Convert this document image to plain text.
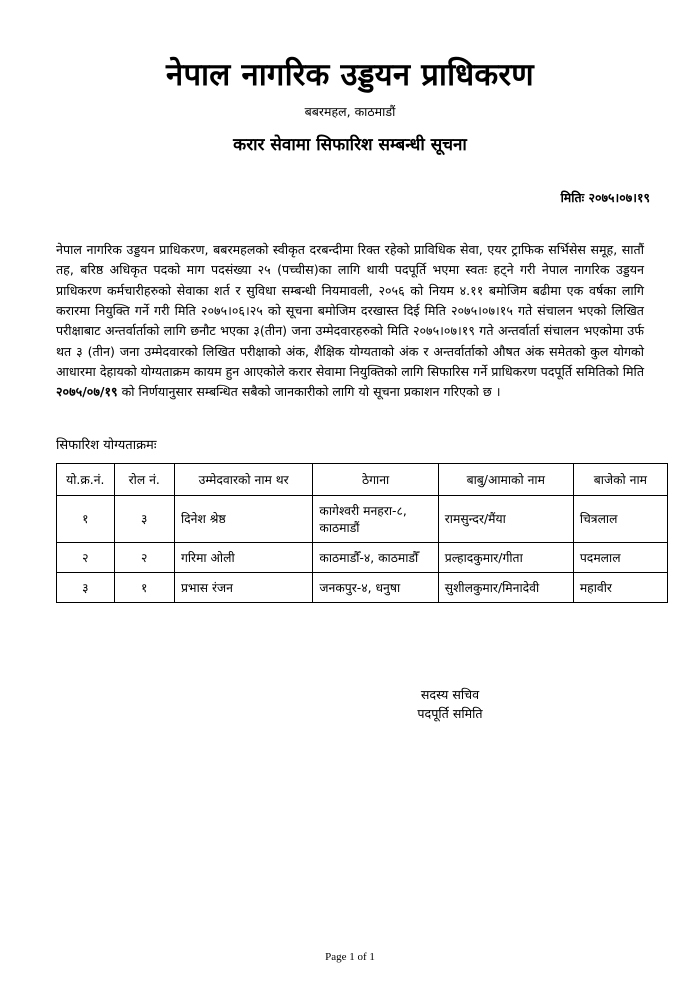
नेपाल नागरिक उड्डयन प्राधिकरण
बबरमहल, काठमाडौं
करार सेवामा सिफारिश सम्बन्धी सूचना
मितिः २०७५।०७।१९
नेपाल नागरिक उड्डयन प्राधिकरण, बबरमहलको स्वीकृत दरबन्दीमा रिक्त रहेको प्राविधिक सेवा, एयर ट्राफिक सर्भिसेस समूह, सातौं तह, बरिष्ठ अधिकृत पदको माग पदसंख्या २५ (पच्चीस)का लागि थायी पदपूर्ति भएमा स्वतः हट्ने गरी नेपाल नागरिक उड्डयन प्राधिकरण कर्मचारीहरुको सेवाका शर्त र सुविधा सम्बन्धी नियमावली, २०५६ को नियम ४.११ बमोजिम बढीमा एक वर्षका लागि करारमा नियुक्ति गर्ने गरी मिति २०७५।०६।२५ को सूचना बमोजिम दरखास्त दिई मिति २०७५।०७।१५ गते संचालन भएको लिखित परीक्षाबाट अन्तर्वार्ताको लागि छनौट भएका ३(तीन) जना उम्मेदवारहरुको मिति २०७५।०७।१९ गते अन्तर्वार्ता संचालन भएकोमा उर्फ थत ३ (तीन) जना उम्मेदवारको लिखित परीक्षाको अंक, शैक्षिक योग्यताको अंक र अन्तर्वार्ताको औषत अंक समेतको कुल योगको आधारमा देहायको योग्यताक्रम कायम हुन आएकोले करार सेवामा नियुक्तिको लागि सिफारिस गर्ने प्राधिकरण पदपूर्ति समितिको मिति २०७५/०७/१९ को निर्णयानुसार सम्बन्धित सबैको जानकारीको लागि यो सूचना प्रकाशन गरिएको छ ।
सिफारिश योग्यताक्रमः
यो.क्र.नं.	रोल नं.	उम्मेदवारको नाम थर	ठेगाना	बाबु/आमाको नाम	बाजेको नाम
१	३	दिनेश श्रेष्ठ	कागेश्वरी मनहरा-८, काठमाडौं	रामसुन्दर/मैंया	चित्रलाल
२	२	गरिमा ओली	काठमाडौँ-४, काठमाडौँ	प्रल्हादकुमार/गीता	पदमलाल
३	१	प्रभास रंजन	जनकपुर-४, धनुषा	सुशीलकुमार/मिनादेवी	महावीर
सदस्य सचिव
पदपूर्ति समिति
Page 1 of 1
